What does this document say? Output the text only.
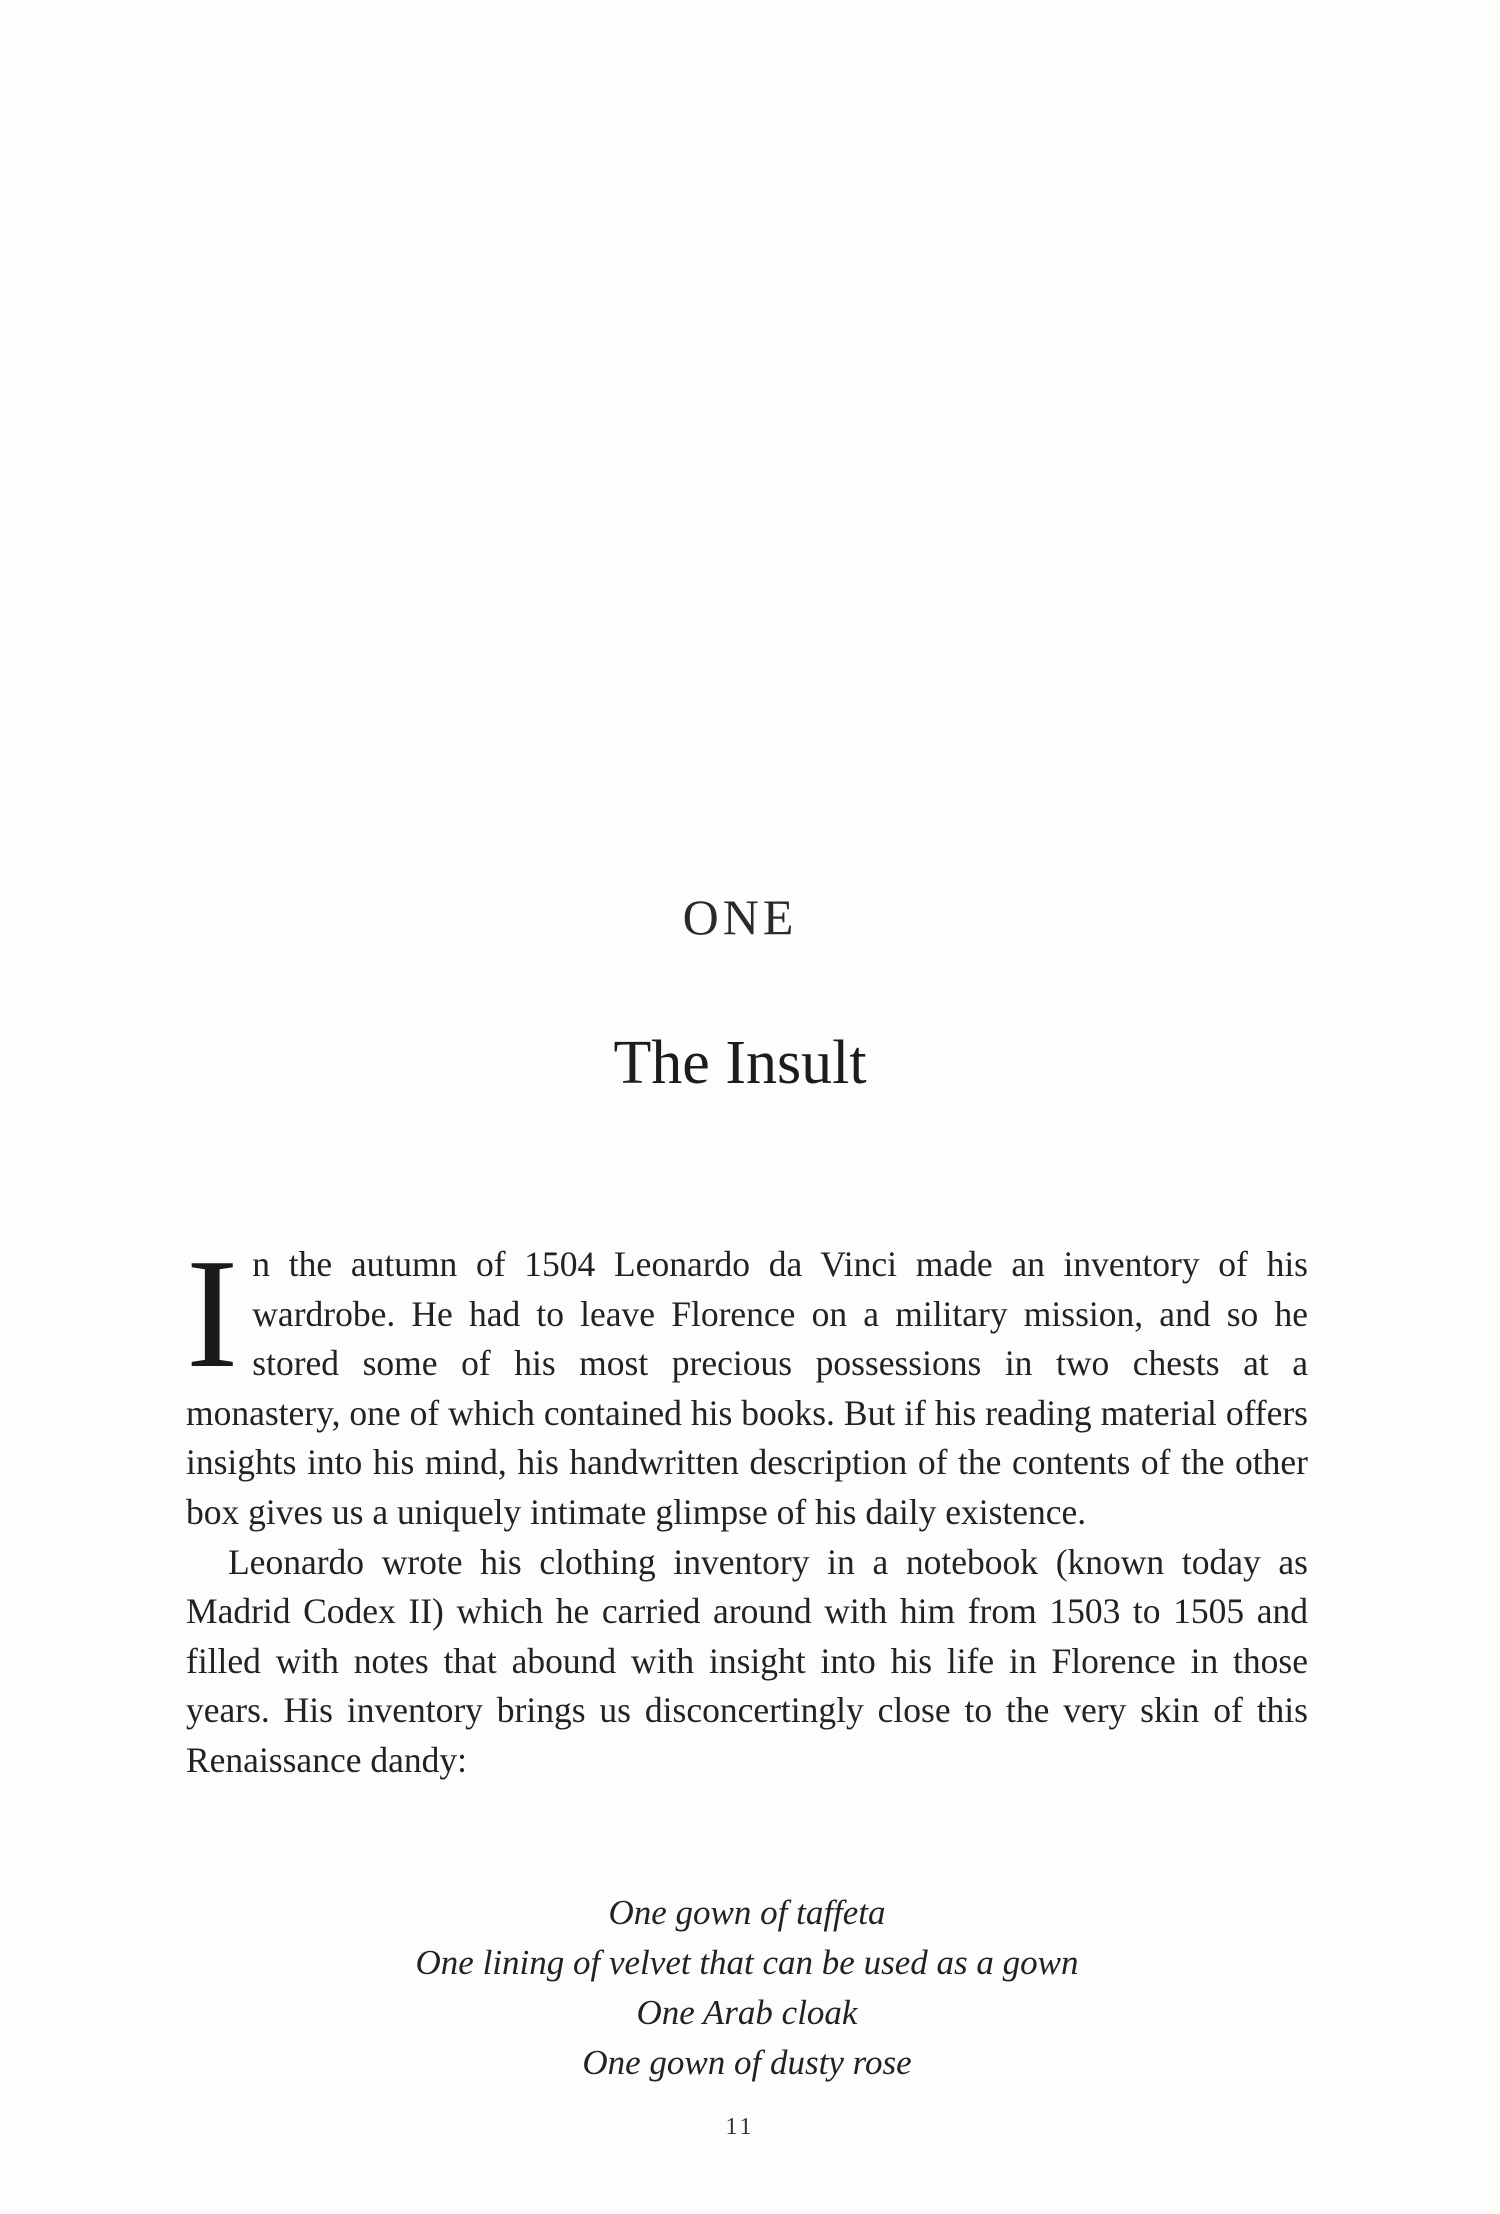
ONE
The Insult

In the autumn of 1504 Leonardo da Vinci made an inventory of his wardrobe. He had to leave Florence on a military mission, and so he stored some of his most precious possessions in two chests at a monastery, one of which contained his books. But if his reading material offers insights into his mind, his handwritten description of the contents of the other box gives us a uniquely intimate glimpse of his daily existence.

Leonardo wrote his clothing inventory in a notebook (known today as Madrid Codex II) which he carried around with him from 1503 to 1505 and filled with notes that abound with insight into his life in Florence in those years. His inventory brings us disconcertingly close to the very skin of this Renaissance dandy:

One gown of taffeta
One lining of velvet that can be used as a gown
One Arab cloak
One gown of dusty rose
11
